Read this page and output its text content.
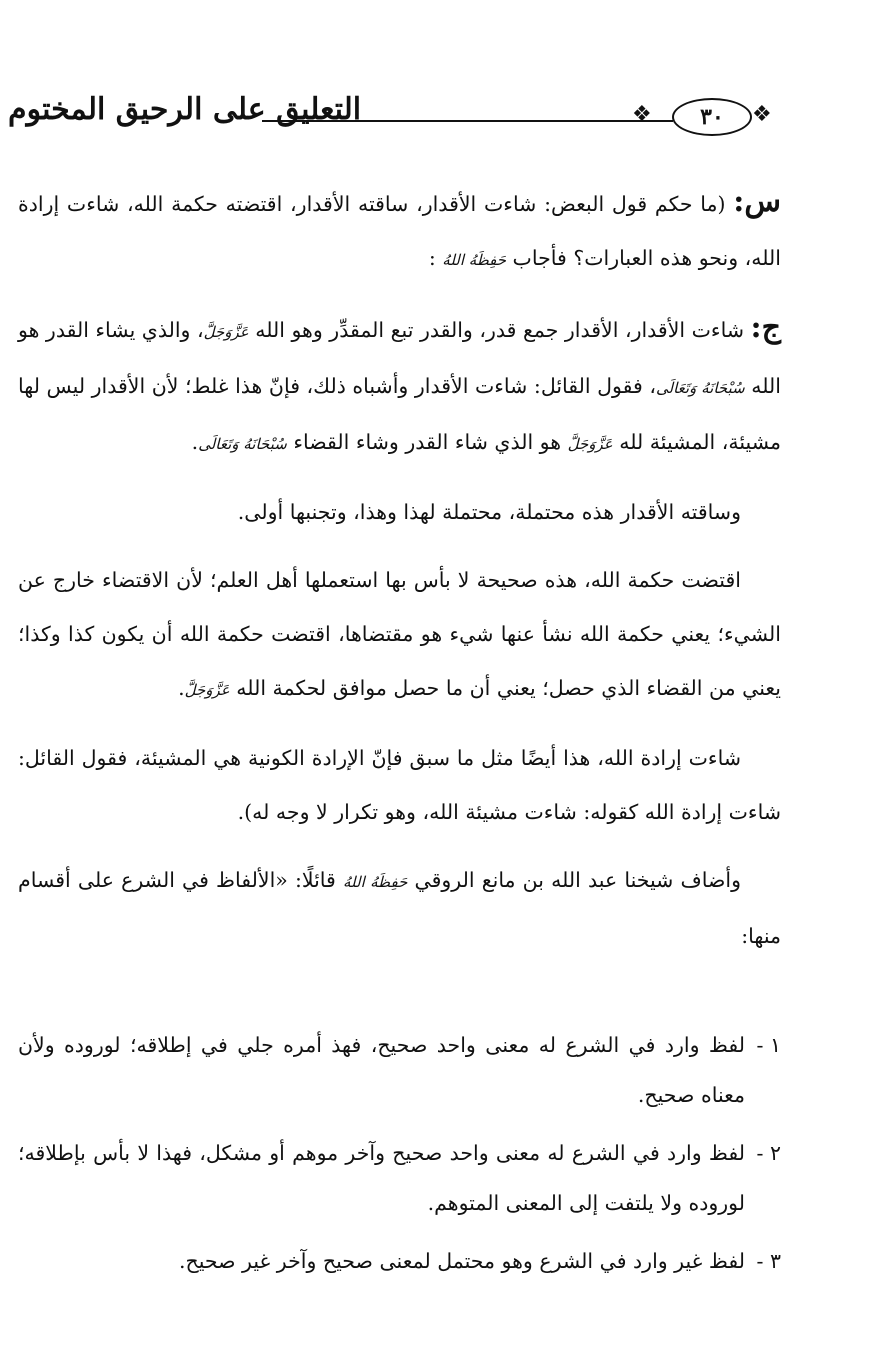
التعليق على الرحيق المختوم	❖	٣٠	❖

س: (ما حكم قول البعض: شاءت الأقدار، ساقته الأقدار، اقتضته حكمة الله، شاءت إرادة الله، ونحو هذه العبارات؟ فأجاب حَفِظَهُ اللهُ :

ج: شاءت الأقدار، الأقدار جمع قدر، والقدر تبع المقدِّر وهو الله عَزَّوَجَلَّ، والذي يشاء القدر هو الله سُبْحَانَهُ وَتَعَالَى، فقول القائل: شاءت الأقدار وأشباه ذلك، فإنّ هذا غلط؛ لأن الأقدار ليس لها مشيئة، المشيئة لله عَزَّوَجَلَّ هو الذي شاء القدر وشاء القضاء سُبْحَانَهُ وَتَعَالَى.

وساقته الأقدار هذه محتملة، محتملة لهذا وهذا، وتجنبها أولى.

اقتضت حكمة الله، هذه صحيحة لا بأس بها استعملها أهل العلم؛ لأن الاقتضاء خارج عن الشيء؛ يعني حكمة الله نشأ عنها شيء هو مقتضاها، اقتضت حكمة الله أن يكون كذا وكذا؛ يعني من القضاء الذي حصل؛ يعني أن ما حصل موافق لحكمة الله عَزَّوَجَلَّ.

شاءت إرادة الله، هذا أيضًا مثل ما سبق فإنّ الإرادة الكونية هي المشيئة، فقول القائل: شاءت إرادة الله كقوله: شاءت مشيئة الله، وهو تكرار لا وجه له).

وأضاف شيخنا عبد الله بن مانع الروقي حَفِظَهُ اللهُ قائلًا: «الألفاظ في الشرع على أقسام منها:

١ -
لفظ وارد في الشرع له معنى واحد صحيح، فهذ أمره جلي في إطلاقه؛ لوروده ولأن معناه صحيح.
٢ -
لفظ وارد في الشرع له معنى واحد صحيح وآخر موهم أو مشكل، فهذا لا بأس بإطلاقه؛ لوروده ولا يلتفت إلى المعنى المتوهم.
٣ -
لفظ غير وارد في الشرع وهو محتمل لمعنى صحيح وآخر غير صحيح.
